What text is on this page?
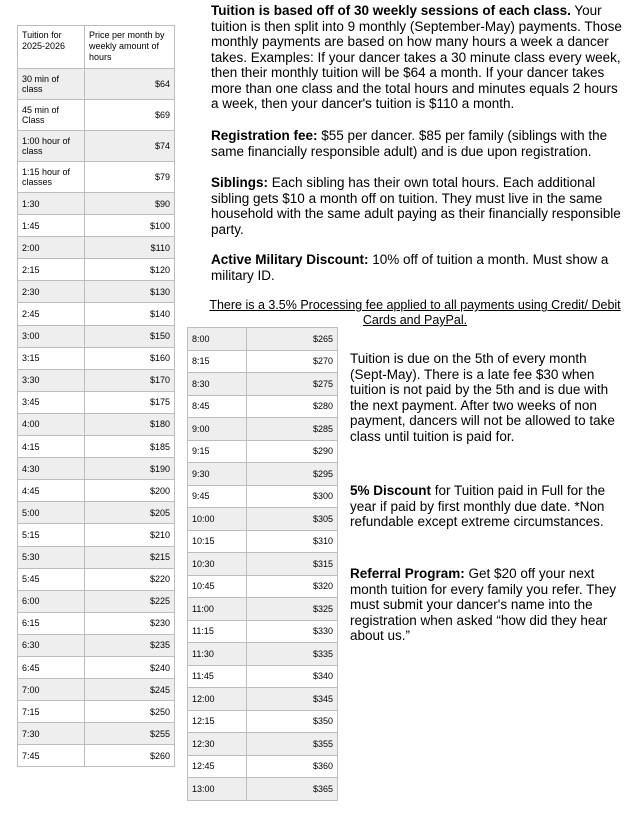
Tuition for 2025-2026	Price per month by weekly amount of hours
30 min of class	$64
45 min of Class	$69
1:00 hour of class	$74
1:15 hour of classes	$79
1:30	$90
1:45	$100
2:00	$110
2:15	$120
2:30	$130
2:45	$140
3:00	$150
3:15	$160
3:30	$170
3:45	$175
4:00	$180
4:15	$185
4:30	$190
4:45	$200
5:00	$205
5:15	$210
5:30	$215
5:45	$220
6:00	$225
6:15	$230
6:30	$235
6:45	$240
7:00	$245
7:15	$250
7:30	$255
7:45	$260
8:00	$265
8:15	$270
8:30	$275
8:45	$280
9:00	$285
9:15	$290
9:30	$295
9:45	$300
10:00	$305
10:15	$310
10:30	$315
10:45	$320
11:00	$325
11:15	$330
11:30	$335
11:45	$340
12:00	$345
12:15	$350
12:30	$355
12:45	$360
13:00	$365

Tuition is based off of 30 weekly sessions of each class. Your tuition is then split into 9 monthly (September-May) payments. Those monthly payments are based on how many hours a week a dancer takes. Examples: If your dancer takes a 30 minute class every week, then their monthly tuition will be $64 a month. If your dancer takes more than one class and the total hours and minutes equals 2 hours a week, then your dancer's tuition is $110 a month.

Registration fee: $55 per dancer. $85 per family (siblings with the same financially responsible adult) and is due upon registration.

Siblings: Each sibling has their own total hours. Each additional sibling gets $10 a month off on tuition. They must live in the same household with the same adult paying as their financially responsible party.

Active Military Discount: 10% off of tuition a month. Must show a military ID.

There is a 3.5% Processing fee applied to all payments using Credit/ Debit Cards and PayPal.

Tuition is due on the 5th of every month (Sept-May). There is a late fee $30 when tuition is not paid by the 5th and is due with the next payment. After two weeks of non payment, dancers will not be allowed to take class until tuition is paid for.

5% Discount for Tuition paid in Full for the year if paid by first monthly due date. *Non refundable except extreme circumstances.

Referral Program: Get $20 off your next month tuition for every family you refer. They must submit your dancer's name into the registration when asked “how did they hear about us.”
